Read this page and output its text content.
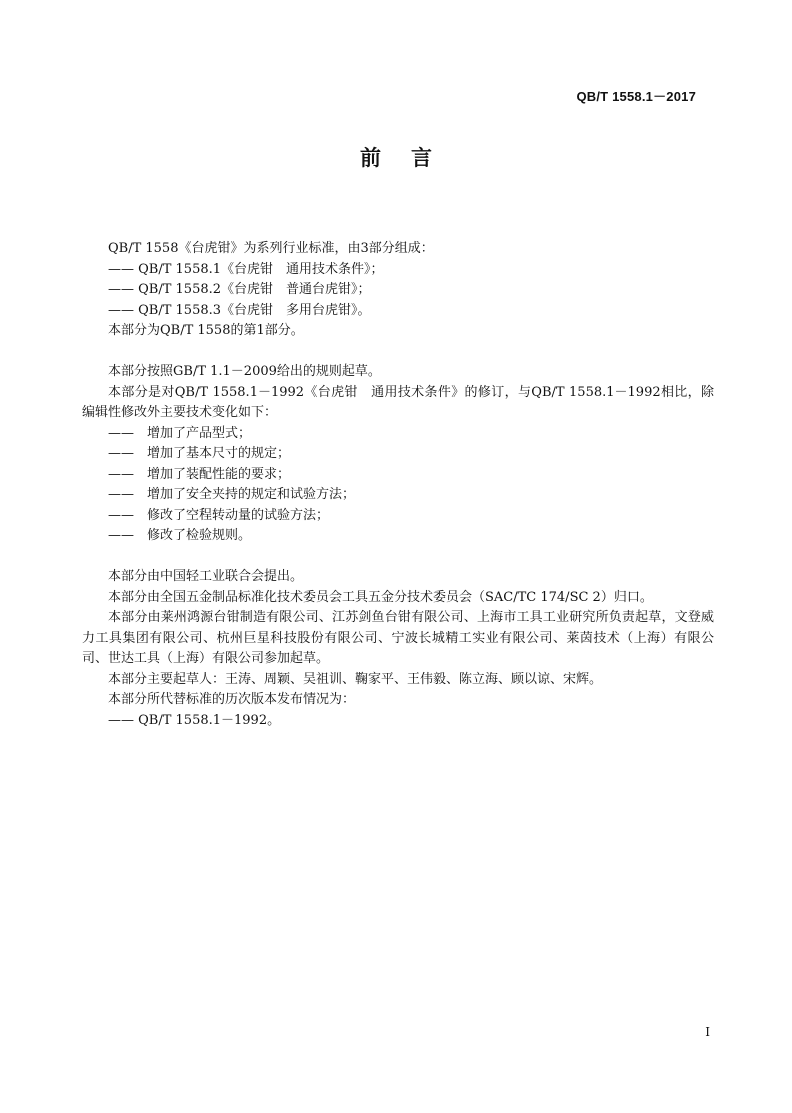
QB/T 1558.1－2017
前言

QB/T 1558《台虎钳》为系列行业标准，由3部分组成：

—— QB/T 1558.1《台虎钳　通用技术条件》；

—— QB/T 1558.2《台虎钳　普通台虎钳》；

—— QB/T 1558.3《台虎钳　多用台虎钳》。

本部分为QB/T 1558的第1部分。

本部分按照GB/T 1.1－2009给出的规则起草。

本部分是对QB/T 1558.1－1992《台虎钳　通用技术条件》的修订，与QB/T 1558.1－1992相比，除编辑性修改外主要技术变化如下：

——　增加了产品型式；

——　增加了基本尺寸的规定；

——　增加了装配性能的要求；

——　增加了安全夹持的规定和试验方法；

——　修改了空程转动量的试验方法；

——　修改了检验规则。

本部分由中国轻工业联合会提出。

本部分由全国五金制品标准化技术委员会工具五金分技术委员会（SAC/TC 174/SC 2）归口。

本部分由莱州鸿源台钳制造有限公司、江苏剑鱼台钳有限公司、上海市工具工业研究所负责起草，文登威力工具集团有限公司、杭州巨星科技股份有限公司、宁波长城精工实业有限公司、莱茵技术（上海）有限公司、世达工具（上海）有限公司参加起草。

本部分主要起草人：王涛、周颖、吴祖训、鞠家平、王伟毅、陈立海、顾以谅、宋辉。

本部分所代替标准的历次版本发布情况为：

—— QB/T 1558.1－1992。

I
